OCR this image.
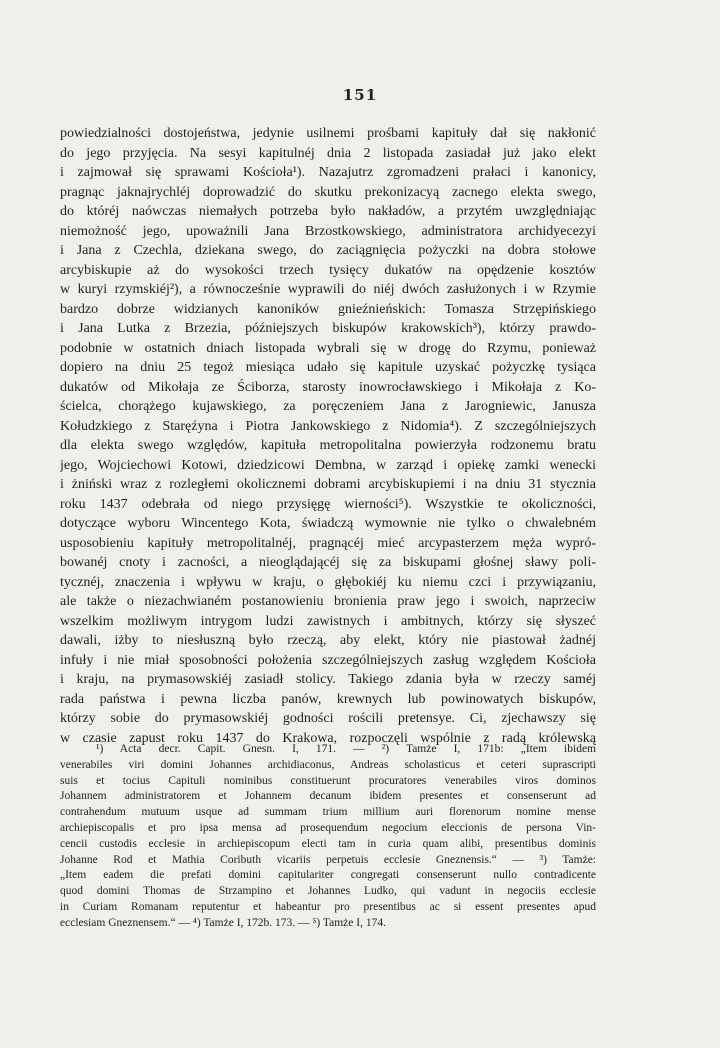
151
powiedzialności dostojeństwa, jedynie usilnemi prośbami kapituły dał się nakłonić
do jego przyjęcia. Na sesyi kapitulnéj dnia 2 listopada zasiadał już jako elekt
i zajmował się sprawami Kościoła¹). Nazajutrz zgromadzeni prałaci i kanonicy,
pragnąc jaknajrychléj doprowadzić do skutku prekonizacyą zacnego elekta swego,
do któréj naówczas niemałych potrzeba było nakładów, a przytém uwzględniając
niemożność jego, upoważnili Jana Brzostkowskiego, administratora archidyecezyi
i Jana z Czechla, dziekana swego, do zaciągnięcia pożyczki na dobra stołowe
arcybiskupie aż do wysokości trzech tysięcy dukatów na opędzenie kosztów
w kuryi rzymskiéj²), a równocześnie wyprawili do niéj dwóch zasłużonych i w Rzymie
bardzo dobrze widzianych kanoników gnieźnieńskich: Tomasza Strzępińskiego
i Jana Lutka z Brzezia, późniejszych biskupów krakowskich³), którzy prawdo-
podobnie w ostatnich dniach listopada wybrali się w drogę do Rzymu, ponieważ
dopiero na dniu 25 tegoż miesiąca udało się kapitule uzyskać pożyczkę tysiąca
dukatów od Mikołaja ze Ściborza, starosty inowrocławskiego i Mikołaja z Ko-
ścielca, chorążego kujawskiego, za poręczeniem Jana z Jarogniewic, Janusza
Kołudzkiego z Staręźyna i Piotra Jankowskiego z Nidomia⁴). Z szczególniejszych
dla elekta swego względów, kapituła metropolitalna powierzyła rodzonemu bratu
jego, Wojciechowi Kotowi, dziedzicowi Dembna, w zarząd i opiekę zamki wenecki
i żniński wraz z rozległemi okolicznemi dobrami arcybiskupiemi i na dniu 31 stycznia
roku 1437 odebrała od niego przysięgę wierności⁵). Wszystkie te okoliczności,
dotyczące wyboru Wincentego Kota, świadczą wymownie nie tylko o chwalebném
usposobieniu kapituły metropolitalnéj, pragnącéj mieć arcypasterzem męża wypró-
bowanéj cnoty i zacności, a nieoglądającéj się za biskupami głośnej sławy poli-
tycznéj, znaczenia i wpływu w kraju, o głębokiéj ku niemu czci i przywiązaniu,
ale także o niezachwianém postanowieniu bronienia praw jego i swoich, naprzeciw
wszelkim możliwym intrygom ludzi zawistnych i ambitnych, którzy się słyszeć
dawali, iżby to niesłuszną było rzeczą, aby elekt, który nie piastował żadnéj
infuły i nie miał sposobności położenia szczególniejszych zasług względem Kościoła
i kraju, na prymasowskiéj zasiadł stolicy. Takiego zdania była w rzeczy saméj
rada państwa i pewna liczba panów, krewnych lub powinowatych biskupów,
którzy sobie do prymasowskiéj godności rościli pretensye. Ci, zjechawszy się
w czasie zapust roku 1437 do Krakowa, rozpoczęli wspólnie z radą królewską
¹) Acta decr. Capit. Gnesn. I, 171. — ²) Tamże I, 171b: „Item ibidem
venerabiles viri domini Johannes archidiaconus, Andreas scholasticus et ceteri suprascripti
suis et tocius Capituli nominibus constituerunt procuratores venerabiles viros dominos
Johannem administratorem et Johannem decanum ibidem presentes et consenserunt ad
contrahendum mutuum usque ad summam trium millium auri florenorum nomine mense
archiepiscopalis et pro ipsa mensa ad prosequendum negocium eleccionis de persona Vin-
cencii custodis ecclesie in archiepiscopum electi tam in curia quam alibi, presentibus dominis
Johanne Rod et Mathia Coributh vicariis perpetuis ecclesie Gneznensis.“ — ³) Tamże:
„Item eadem die prefati domini capitulariter congregati consenserunt nullo contradicente
quod domini Thomas de Strzampino et Johannes Ludko, qui vadunt in negociis ecclesie
in Curiam Romanam reputentur et habeantur pro presentibus ac si essent presentes apud
ecclesiam Gneznensem.“ — ⁴) Tamże I, 172b. 173. — ⁵) Tamże I, 174.
